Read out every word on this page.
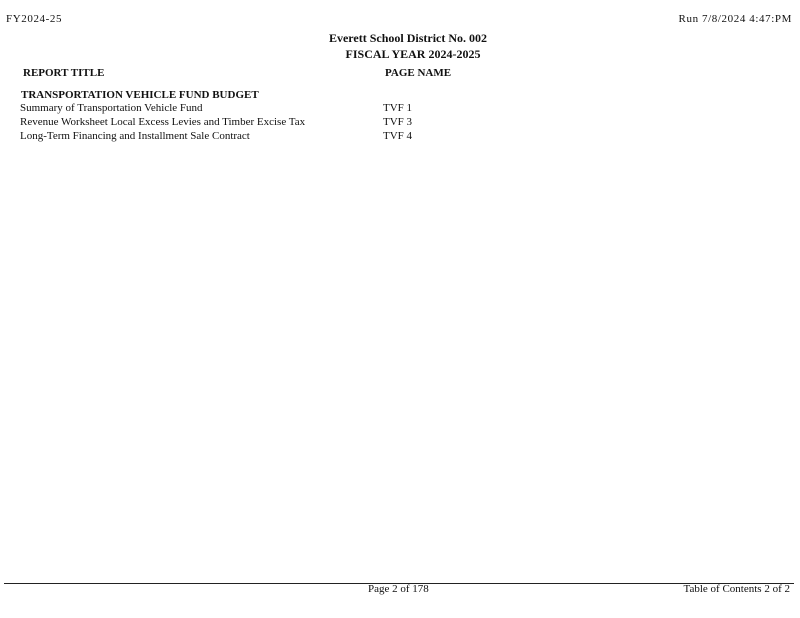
FY2024-25	Run 7/8/2024 4:47:PM
Everett School District No. 002
FISCAL YEAR 2024-2025
REPORT TITLE	PAGE NAME
TRANSPORTATION VEHICLE FUND BUDGET
Summary of Transportation Vehicle Fund	TVF 1
Revenue Worksheet Local Excess Levies and Timber Excise Tax	TVF 3
Long-Term Financing and Installment Sale Contract	TVF 4
Page 2 of 178	Table of Contents 2 of 2
